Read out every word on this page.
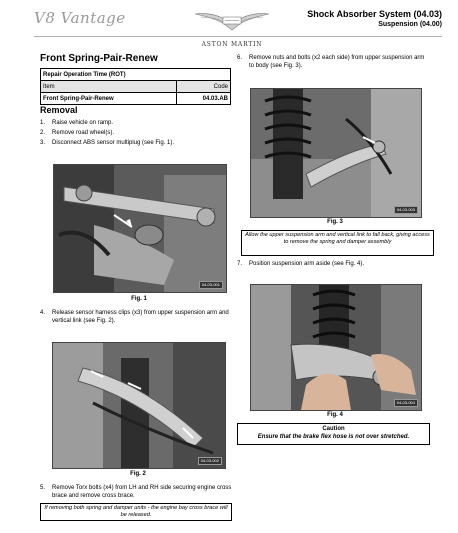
V8 Vantage
ASTON MARTIN
Shock Absorber System (04.03)
Suspension (04.00)
Front Spring-Pair-Renew
Repair Operation Time (ROT)	
Item	Code
Front Spring-Pair-Renew	04.03.AB
Removal
1.	Raise vehicle on ramp.
2.	Remove road wheel(s).
3.	Disconnect ABS sensor multiplug (see Fig. 1).
04-03-001
Fig. 1
4.	Release sensor harness clips (x3) from upper suspension arm and vertical link (see Fig. 2).
04-03-002
Fig. 2
5.	Remove Torx bolts (x4) from LH and RH side securing engine cross brace and remove cross brace.
If removing both spring and damper units - the engine bay cross brace will be released.
6.	Remove nuts and bolts (x2 each side) from upper suspension arm to body (see Fig. 3).
04-03-003
Fig. 3
Allow the upper suspension arm and vertical link to fall back, giving access to remove the spring and damper assembly
7.	Position suspension arm aside (see Fig. 4).
04-03-004
Fig. 4
Caution
Ensure that the brake flex hose is not over stretched.
